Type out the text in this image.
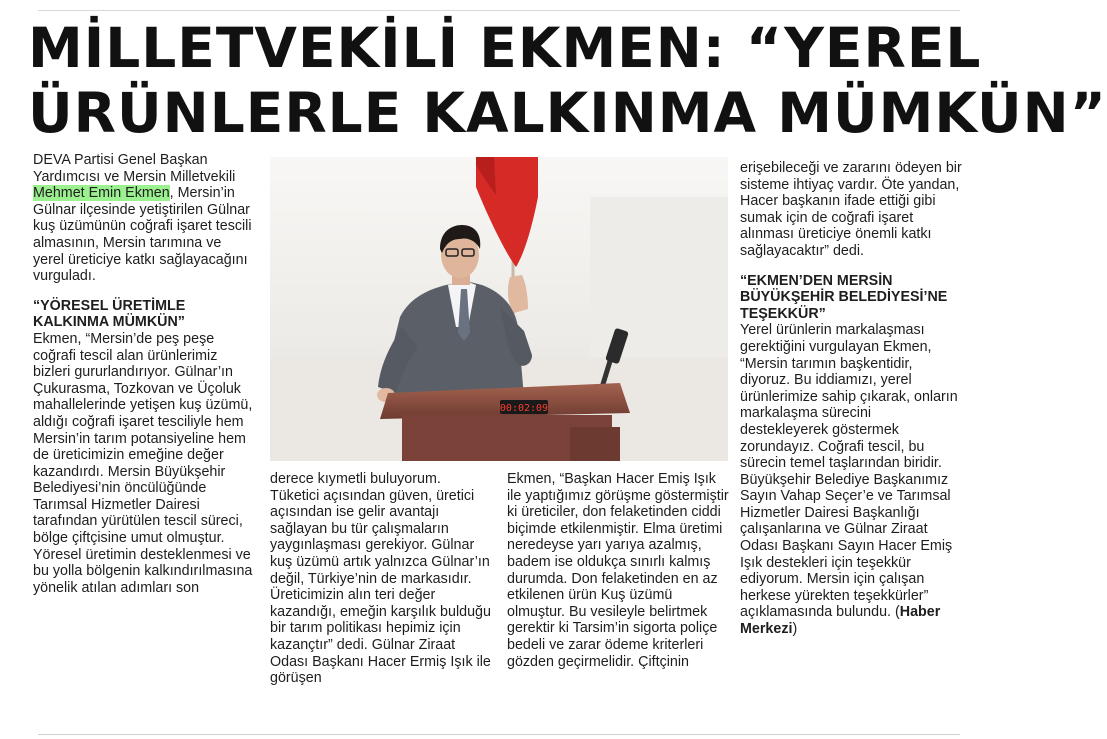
MİLLETVEKİLİ EKMEN: “YEREL
ÜRÜNLERLE KALKINMA MÜMKÜN”

DEVA Partisi Genel Başkan Yardımcısı ve Mersin Milletvekili Mehmet Emin Ekmen, Mersin’in Gülnar ilçesinde yetiştirilen Gülnar kuş üzümünün coğrafi işaret tescili almasının, Mersin tarımına ve yerel üreticiye katkı sağlayacağını vurguladı.

“YÖRESEL ÜRETİMLE KALKINMA MÜMKÜN”

Ekmen, “Mersin’de peş peşe coğrafi tescil alan ürünlerimiz bizleri gururlandırıyor. Gülnar’ın Çukurasma, Tozkovan ve Üçoluk mahallelerinde yetişen kuş üzümü, aldığı coğrafi işaret tesciliyle hem Mersin’in tarım potansiyeline hem de üreticimizin emeğine değer kazandırdı. Mersin Büyükşehir Belediyesi’nin öncülüğünde Tarımsal Hizmetler Dairesi tarafından yürütülen tescil süreci, bölge çiftçisine umut olmuştur. Yöresel üretimin desteklenmesi ve bu yolla bölgenin kalkındırılmasına yönelik atılan adımları son

00:02:09

derece kıymetli buluyorum. Tüketici açısından güven, üretici açısından ise gelir avantajı sağlayan bu tür çalışmaların yaygınlaşması gerekiyor. Gülnar kuş üzümü artık yalnızca Gülnar’ın değil, Türkiye’nin de markasıdır. Üreticimizin alın teri değer kazandığı, emeğin karşılık bulduğu bir tarım politikası hepimiz için kazançtır” dedi. Gülnar Ziraat Odası Başkanı Hacer Ermiş Işık ile görüşen

Ekmen, “Başkan Hacer Emiş Işık ile yaptığımız görüşme göstermiştir ki üreticiler, don felaketinden ciddi biçimde etkilenmiştir. Elma üretimi neredeyse yarı yarıya azalmış, badem ise oldukça sınırlı kalmış durumda. Don felaketinden en az etkilenen ürün Kuş üzümü olmuştur. Bu vesileyle belirtmek gerektir ki Tarsim’in sigorta poliçe bedeli ve zarar ödeme kriterleri gözden geçirmelidir. Çiftçinin

erişebileceği ve zararını ödeyen bir sisteme ihtiyaç vardır. Öte yandan, Hacer başkanın ifade ettiği gibi sumak için de coğrafi işaret alınması üreticiye önemli katkı sağlayacaktır” dedi.

“EKMEN’DEN MERSİN BÜYÜKŞEHİR BELEDİYESİ’NE TEŞEKKÜR”

Yerel ürünlerin markalaşması gerektiğini vurgulayan Ekmen, “Mersin tarımın başkentidir, diyoruz. Bu iddiamızı, yerel ürünlerimize sahip çıkarak, onların markalaşma sürecini destekleyerek göstermek zorundayız. Coğrafi tescil, bu sürecin temel taşlarından biridir. Büyükşehir Belediye Başkanımız Sayın Vahap Seçer’e ve Tarımsal Hizmetler Dairesi Başkanlığı çalışanlarına ve Gülnar Ziraat Odası Başkanı Sayın Hacer Emiş Işık destekleri için teşekkür ediyorum. Mersin için çalışan herkese yürekten teşekkürler” açıklamasında bulundu. (Haber Merkezi)
